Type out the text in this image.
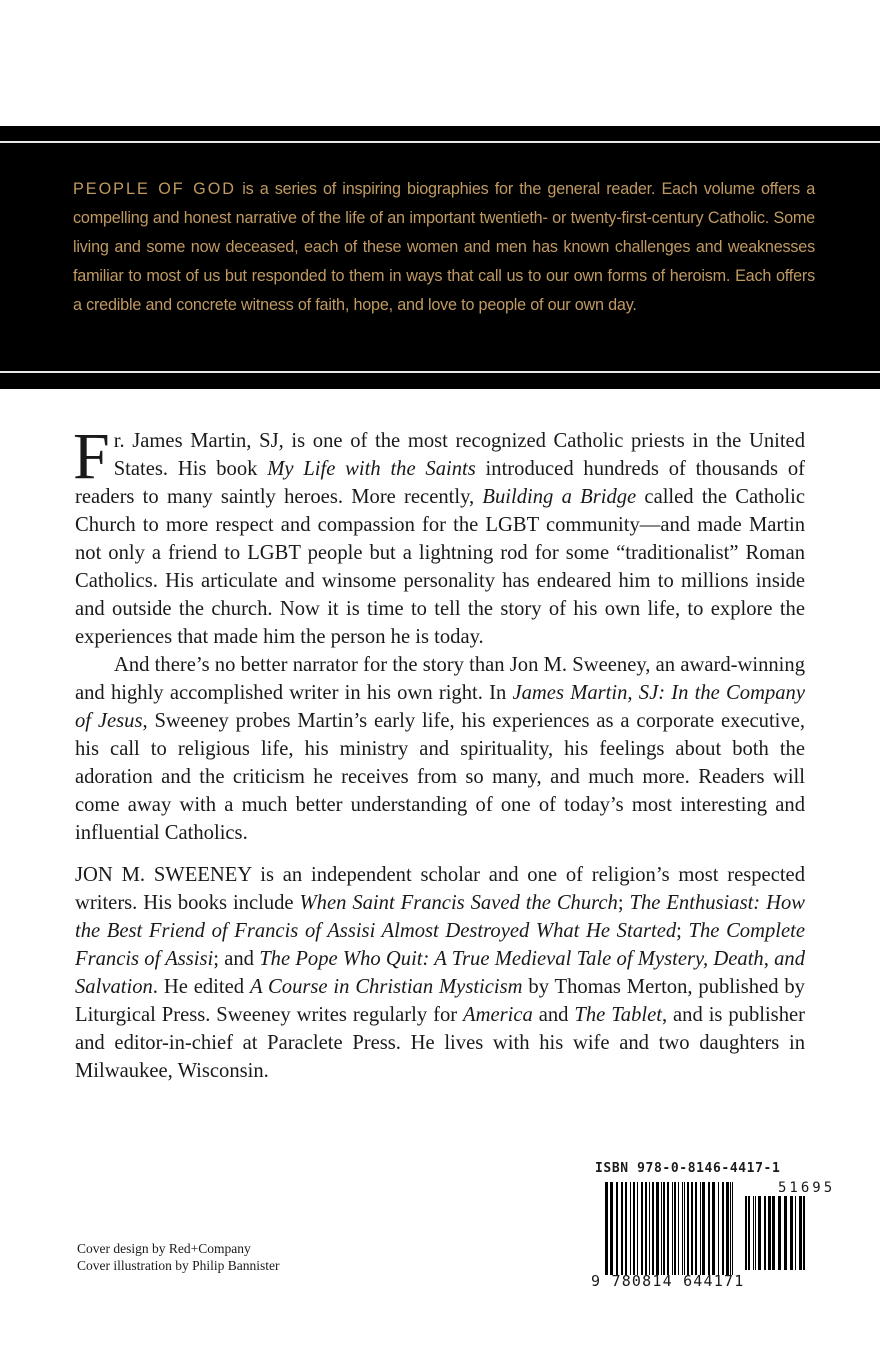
PEOPLE OF GOD is a series of inspiring biographies for the general reader. Each volume offers a compelling and honest narrative of the life of an important twentieth- or twenty-first-century Catholic. Some living and some now deceased, each of these women and men has known challenges and weaknesses familiar to most of us but responded to them in ways that call us to our own forms of heroism. Each offers a credible and concrete witness of faith, hope, and love to people of our own day.

Fr. James Martin, SJ, is one of the most recognized Catholic priests in the United States. His book My Life with the Saints introduced hundreds of thousands of readers to many saintly heroes. More recently, Building a Bridge called the Catholic Church to more respect and compassion for the LGBT community—and made Martin not only a friend to LGBT people but a lightning rod for some “traditionalist” Roman Catholics. His articulate and winsome personality has endeared him to millions inside and outside the church. Now it is time to tell the story of his own life, to explore the experiences that made him the person he is today.

And there’s no better narrator for the story than Jon M. Sweeney, an award-winning and highly accomplished writer in his own right. In James Martin, SJ: In the Company of Jesus, Sweeney probes Martin’s early life, his experiences as a corporate executive, his call to religious life, his ministry and spirituality, his feelings about both the adoration and the criticism he receives from so many, and much more. Readers will come away with a much better understanding of one of today’s most interesting and influential Catholics.

JON M. SWEENEY is an independent scholar and one of religion’s most respected writers. His books include When Saint Francis Saved the Church; The Enthusiast: How the Best Friend of Francis of Assisi Almost Destroyed What He Started; The Complete Francis of Assisi; and The Pope Who Quit: A True Medieval Tale of Mystery, Death, and Salvation. He edited A Course in Christian Mysticism by Thomas Merton, published by Liturgical Press. Sweeney writes regularly for America and The Tablet, and is publisher and editor-in-chief at Paraclete Press. He lives with his wife and two daughters in Milwaukee, Wisconsin.

Cover design by Red+Company
Cover illustration by Philip Bannister
ISBN 978-0-8146-4417-1
51695
9 780814 644171
